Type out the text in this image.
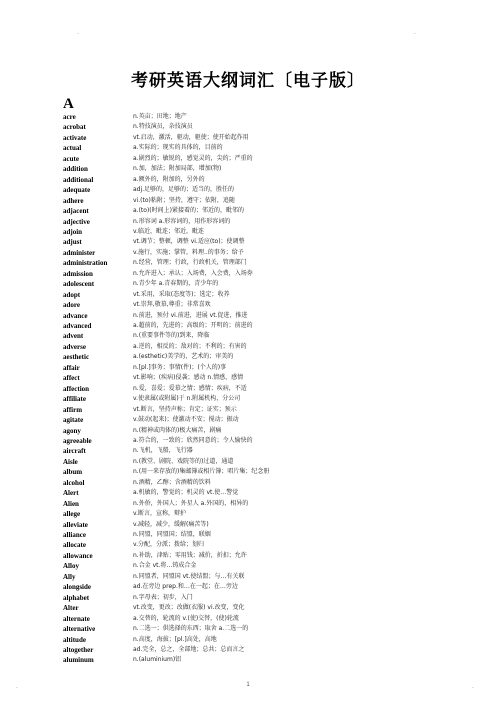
·	·
·	·
考研英语大纲词汇〔电子版〕
A
acre	n.英亩；田地；地产
acrobat	n.特技演员，杂技演员
activate	vt.启动，激活，驱动，驱使；使开始起作用
actual	a.实际的；现实的具体的，目前的
acute	a.剧烈的；敏锐的，感觉灵的，尖的；严重的
addition	n.加，加法；附加局部，增加(物)
additional	a.额外的，附加的，另外的
adequate	adj.足够的，足够的；适当的，胜任的
adhere	vi.(to)粘附；坚持，遵守；依附，追随
adjacent	a.(to)(时间上)紧接着的；邻近的，毗邻的
adjective	n.形容词 a.形容词的，用作形容词的
adjoin	v.临近，毗连；邻近，毗连
adjust	vt.调节；整顿，调整 vi.适应(to)；使调整
administer	v.施行，实施；掌管，料理..的事务；给予
administration	n.经营，管理；行政，行政机关，管理部门
admission	n.允许进入；承认；入场费，入会费，入场券
adolescent	n.青少年 a.青春期的，青少年的
adopt	vt.采用，采取(态度等)；选定；收养
adore	vt.崇拜,敬慕,尊重；非常喜欢
advance	n.前进，预付 vi.前进，进展 vt.促进，推进
advanced	a.超前的，先进的；高级的；开明的；前进的
advent	n.(重要事件等的)到来，降临
adverse	a.逆的，相反的；敌对的；不利的；有害的
aesthetic	a.(esthetic)美学的，艺术的；审美的
affair	n.[pl.]事务；事情(件)；(个人的)事
affect	vt.影响；(疾病)侵袭；感动 n.情感，感情
affection	n.爱，喜爱；爱慕之情；感情；疾病，不适
affiliate	v.使隶属(或附属)于 n.附属机构，分公司
affirm	vt.断言，坚持声称；肯定；证实；预示
agitate	v.鼓动(起来)；使激动不安；搅动；振动
agony	n.(精神或肉体的)极大痛苦，剧痛
agreeable	a.符合的，一致的；欣然同意的；令人愉快的
aircraft	n.飞机，飞船，飞行器
Aisle	n.(教堂、剧院、戏院等的)过道，通道
album	n.(用一来存放的)集邮簿或相片簿；唱片集；纪念册
alcohol	n.酒精，乙醇；含酒精的饮料
Alert	a.机敏的，警觉的；机灵的 vt.使…警觉
Alien	n.外侨，外国人；外星人 a.外国的，相异的
allege	v.断言，宣称，辩护
alleviate	v.减轻，减少，缓解(痛苦等)
alliance	n.同盟，同盟国；结盟，联姻
allocate	v.分配，分派；拨给；划归
allowance	n.补助，津贴；零用钱；减价，折扣；允许
Alloy	n.合金 vt.将…铸成合金
Ally	n.同盟者，同盟国 vt.使结盟；与…有关联
alongside	ad.在旁边 prep.和…在一起；在…旁边
alphabet	n.字母表；初步，入门
Alter	vt.改变，更改；改做(衣服) vi.改变，变化
alternate	a.交替的，轮流的 v.(使)交替，(使)轮流
alternative	n.二选一；供选择的东西；取舍 a.二选一的
altitude	n.高度，海拔；[pl.]高处，高地
altogether	ad.完全，总之，全部地；总共；总而言之
aluminum	n.(aluminium)铝
1
